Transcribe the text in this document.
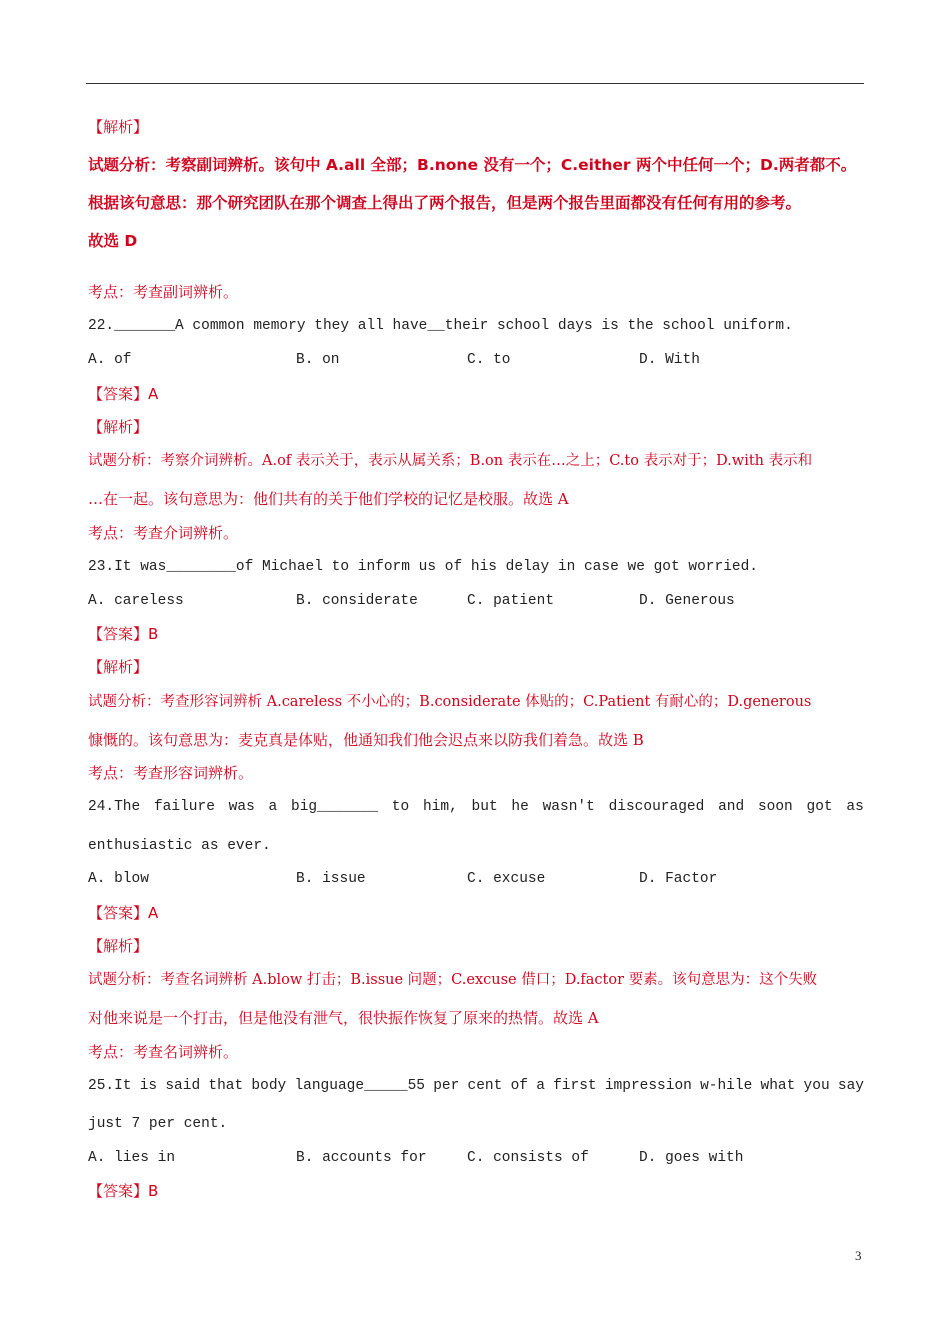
【解析】
试题分析：考察副词辨析。该句中 A.all 全部；B.none 没有一个；C.either 两个中任何一个；D.两者都不。
根据该句意思：那个研究团队在那个调查上得出了两个报告，但是两个报告里面都没有任何有用的参考。
故选 D
考点：考查副词辨析。
22._______A common memory they all have__their school days is the school uniform.
A. of	B. on	C. to	D. With
【答案】A
【解析】
试题分析：考察介词辨析。A.of 表示关于，表示从属关系；B.on 表示在…之上；C.to 表示对于；D.with 表示和
…在一起。该句意思为：他们共有的关于他们学校的记忆是校服。故选 A
考点：考查介词辨析。
23.It was________of Michael to inform us of his delay in case we got worried.
A. careless	B. considerate	C. patient	D. Generous
【答案】B
【解析】
试题分析：考查形容词辨析 A.careless 不小心的；B.considerate 体贴的；C.Patient 有耐心的；D.generous
慷慨的。该句意思为：麦克真是体贴，他通知我们他会迟点来以防我们着急。故选 B
考点：考查形容词辨析。
24.The failure was a big_______ to him, but he wasn't discouraged and soon got as
enthusiastic as ever.
A. blow	B. issue	C. excuse	D. Factor
【答案】A
【解析】
试题分析：考查名词辨析 A.blow 打击；B.issue 问题；C.excuse 借口；D.factor 要素。该句意思为：这个失败
对他来说是一个打击，但是他没有泄气，很快振作恢复了原来的热情。故选 A
考点：考查名词辨析。
25.It is said that body language_____55 per cent of a first impression w-hile what you say
just 7 per cent.
A. lies in	B. accounts for	C. consists of	D. goes with
【答案】B
3
